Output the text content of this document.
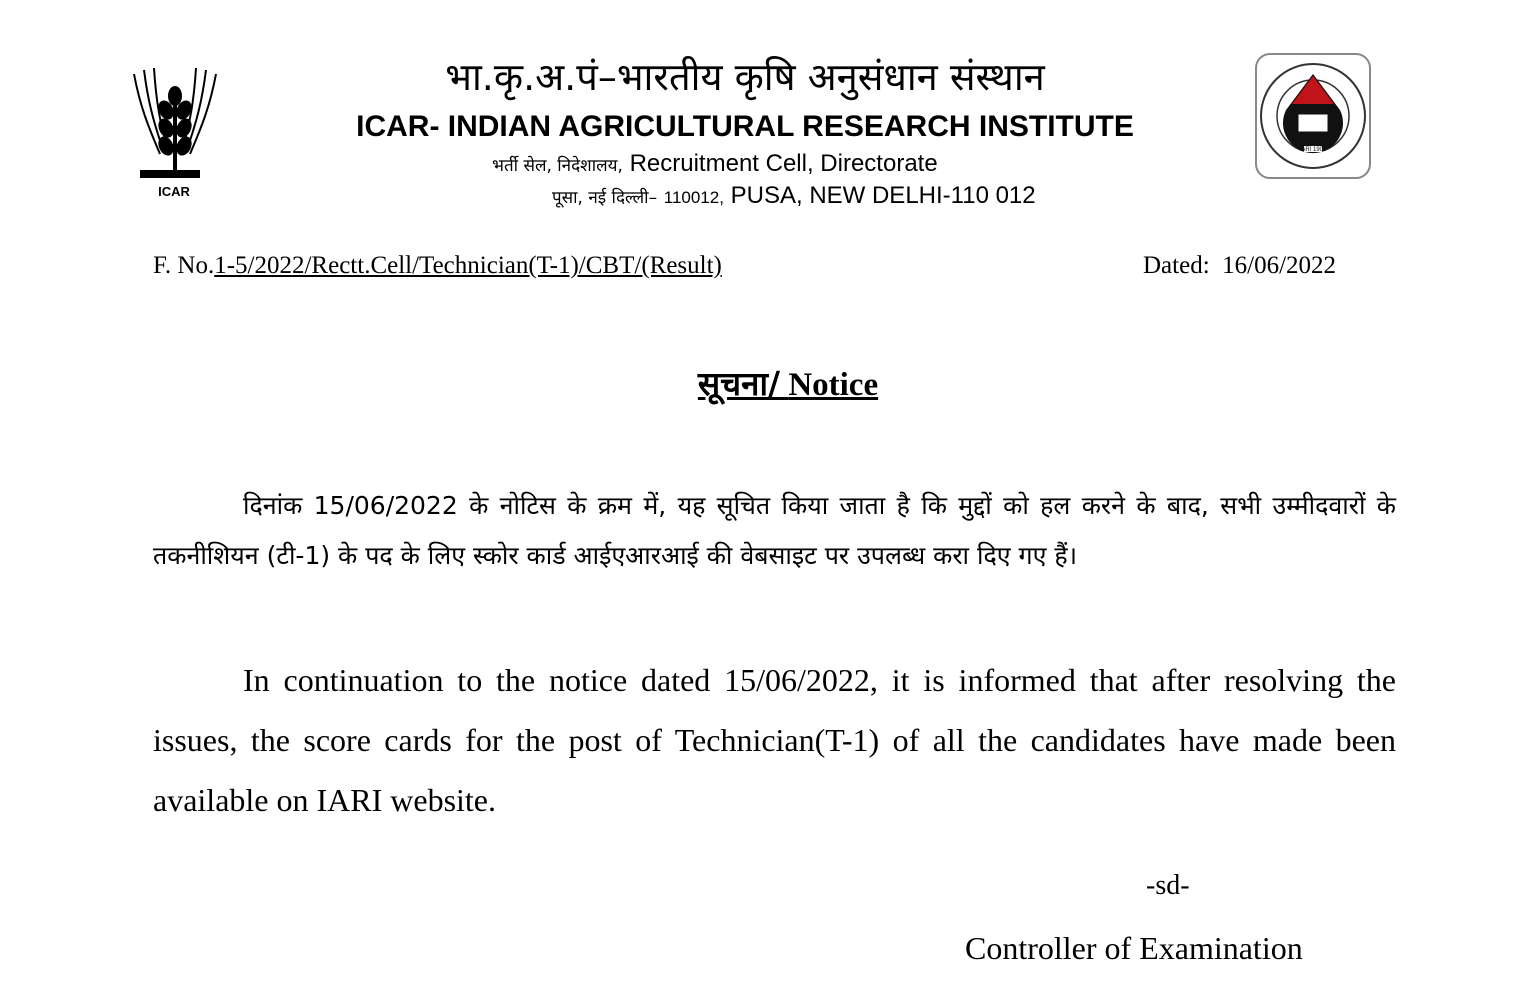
ICAR
IARI 1905
भा.कृ.अ.पं–भारतीय कृषि अनुसंधान संस्थान
ICAR- INDIAN AGRICULTURAL RESEARCH INSTITUTE
भर्ती सेल, निदेशालय, Recruitment Cell, Directorate
पूसा, नई दिल्ली– 110012, PUSA, NEW DELHI-110 012
F. No.1-5/2022/Rectt.Cell/Technician(T-1)/CBT/(Result)	Dated: 16/06/2022
सूचना/ Notice

दिनांक 15/06/2022 के नोटिस के क्रम में, यह सूचित किया जाता है कि मुद्दों को हल करने के बाद, सभी उम्मीदवारों के तकनीशियन (टी-1) के पद के लिए स्कोर कार्ड आईएआरआई की वेबसाइट पर उपलब्ध करा दिए गए हैं।

In continuation to the notice dated 15/06/2022, it is informed that after resolving the issues, the score cards for the post of Technician(T-1) of all the candidates have made been available on IARI website.

-sd-
Controller of Examination
